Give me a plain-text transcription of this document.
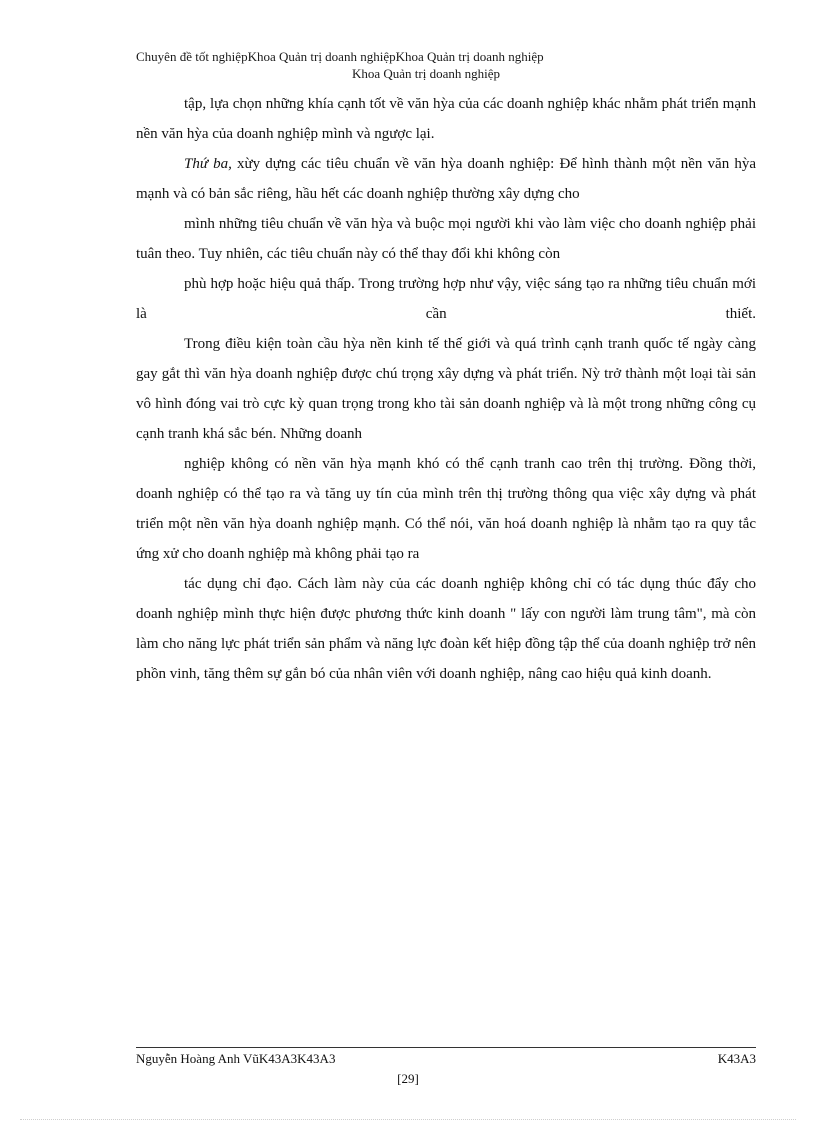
Chuyên đề tốt nghiệpKhoa Quản trị doanh nghiệpKhoa Quản trị doanh nghiệp
Khoa Quản trị doanh nghiệp

tập, lựa chọn những khía cạnh tốt về văn hỳa của các doanh nghiệp khác nhằm phát triển mạnh nền văn hỳa của doanh nghiệp mình và ngược lại.

Thứ ba, xừy dựng các tiêu chuẩn về văn hỳa doanh nghiệp: Để hình thành một nền văn hỳa mạnh và có bản sắc riêng, hầu hết các doanh nghiệp thường xây dựng cho

mình những tiêu chuẩn về văn hỳa và buộc mọi người khi vào làm việc cho doanh nghiệp phải tuân theo. Tuy nhiên, các tiêu chuẩn này có thể thay đổi khi không còn

phù hợp hoặc hiệu quả thấp. Trong trường hợp như vậy, việc sáng tạo ra những tiêu chuẩn mới là cần thiết.

Trong điều kiện toàn cầu hỳa nền kinh tế thế giới và quá trình cạnh tranh quốc tế ngày càng gay gắt thì văn hỳa doanh nghiệp được chú trọng xây dựng và phát triển. Nỳ trở thành một loại tài sản vô hình đóng vai trò cực kỳ quan trọng trong kho tài sản doanh nghiệp và là một trong những công cụ cạnh tranh khá sắc bén. Những doanh

nghiệp không có nền văn hỳa mạnh khó có thể cạnh tranh cao trên thị trường. Đồng thời, doanh nghiệp có thể tạo ra và tăng uy tín của mình trên thị trường thông qua việc xây dựng và phát triển một nền văn hỳa doanh nghiệp mạnh. Có thể nói, văn hoá doanh nghiệp là nhằm tạo ra quy tắc ứng xử cho doanh nghiệp mà không phải tạo ra

tác dụng chỉ đạo. Cách làm này của các doanh nghiệp không chỉ có tác dụng thúc đẩy cho doanh nghiệp mình thực hiện được phương thức kinh doanh " lấy con người làm trung tâm", mà còn làm cho năng lực phát triển sản phẩm và năng lực đoàn kết hiệp đồng tập thể của doanh nghiệp trở nên phồn vinh, tăng thêm sự gắn bó của nhân viên với doanh nghiệp, nâng cao hiệu quả kinh doanh.

Nguyễn Hoàng Anh VũK43A3K43A3	K43A3
[29]
